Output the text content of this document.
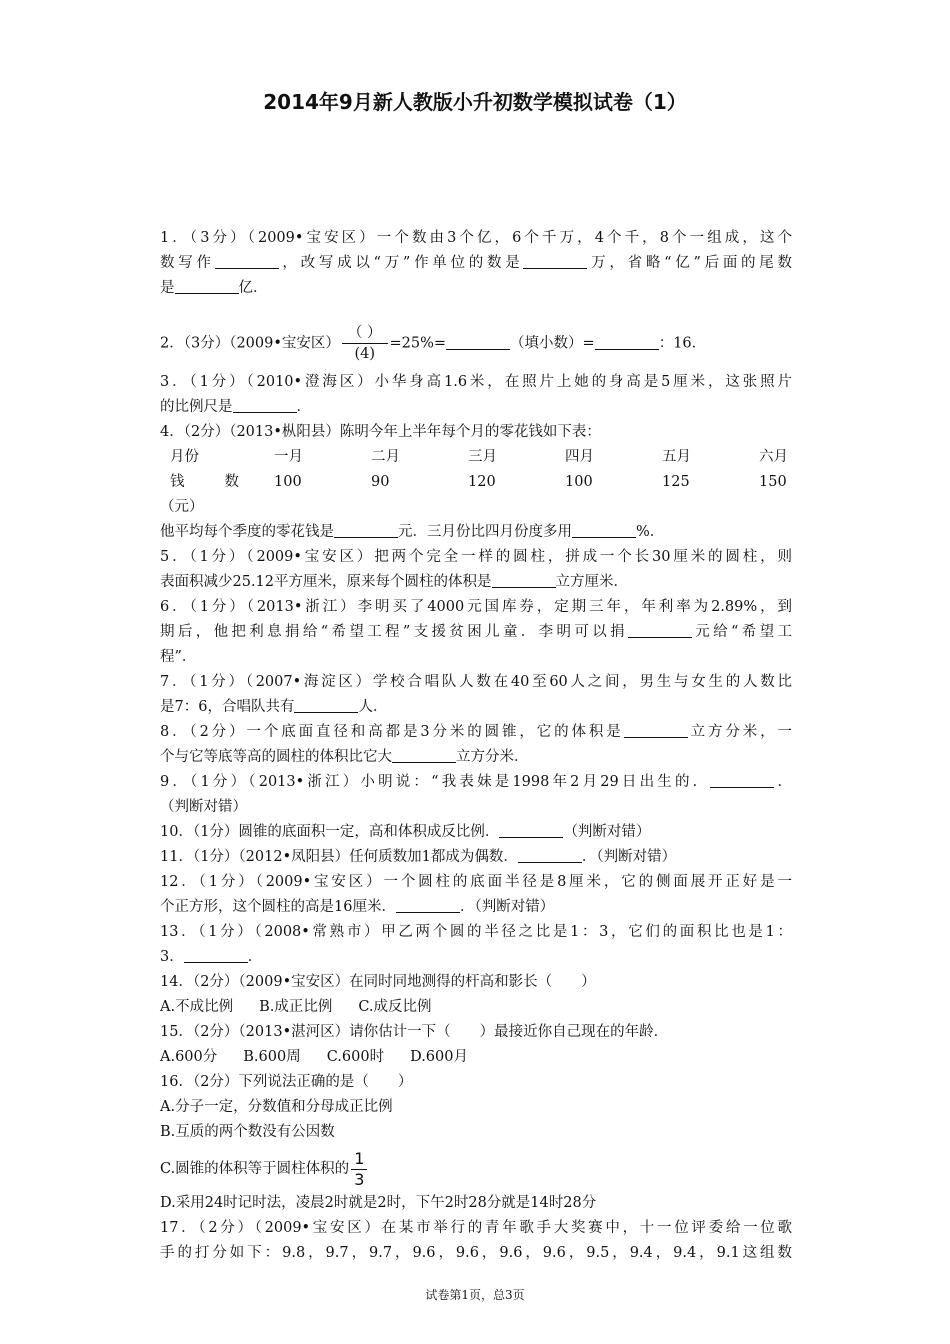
2014年9月新人教版小升初数学模拟试卷（1）

1．（3分）（2009•宝安区）一个数由3个亿，6个千万，4个千，8个一组成，这个

数写作	，改写成以“万”作单位的数是	万，省略“亿”后面的尾数

是	亿．

2．（3分）（2009•宝安区） $\frac{( )}{(4)} =25\%=$	（填小数）=	：16．

3．（1分）（2010•澄海区）小华身高1.6米，在照片上她的身高是5厘米，这张照片

的比例尺是	．

4．（2分）（2013•枞阳县）陈明今年上半年每个月的零花钱如下表：

月份	一月	二月	三月	四月	五月	六月
钱 数	100	90	120	100	125	150
（元）						

他平均每个季度的零花钱是	元．三月份比四月份度多用	%．

5．（1分）（2009•宝安区）把两个完全一样的圆柱，拼成一个长30厘米的圆柱，则

表面积减少25.12平方厘米，原来每个圆柱的体积是	立方厘米．

6．（1分）（2013•浙江）李明买了4000元国库券，定期三年，年利率为2.89%，到

期后，他把利息捐给“希望工程”支援贫困儿童．李明可以捐	元给“希望工

程”．

7．（1分）（2007•海淀区）学校合唱队人数在40至60人之间，男生与女生的人数比

是7：6，合唱队共有	人．

8．（2分）一个底面直径和高都是3分米的圆锥，它的体积是	立方分米，一

个与它等底等高的圆柱的体积比它大	立方分米．

9．（1分）（2013•浙江）小明说：“我表妹是1998年2月29日出生的．	．

（判断对错）

10．（1分）圆锥的底面积一定，高和体积成反比例．	（判断对错）

11．（1分）（2012•凤阳县）任何质数加1都成为偶数．	．（判断对错）

12．（1分）（2009•宝安区）一个圆柱的底面半径是8厘米，它的侧面展开正好是一

个正方形，这个圆柱的高是16厘米．	．（判断对错）

13．（1分）（2008•常熟市）甲乙两个圆的半径之比是1：3，它们的面积比也是1：

3．	．

14．（2分）（2009•宝安区）在同时同地测得的杆高和影长（　　）

A.不成比例 B.成正比例 C.成反比例

15．（2分）（2013•湛河区）请你估计一下（　　）最接近你自己现在的年龄．

A.600分 B.600周 C.600时 D.600月

16．（2分）下列说法正确的是（　　）

A.分子一定，分数值和分母成正比例

B.互质的两个数没有公因数

C.圆锥的体积等于圆柱体积的 $\frac{1}{3}$

D.采用24时记时法，凌晨2时就是2时，下午2时28分就是14时28分

17．（2分）（2009•宝安区）在某市举行的青年歌手大奖赛中，十一位评委给一位歌

手的打分如下：9.8，9.7，9.7，9.6，9.6，9.6，9.6，9.5，9.4，9.4，9.1这组数

试卷第1页，总3页
